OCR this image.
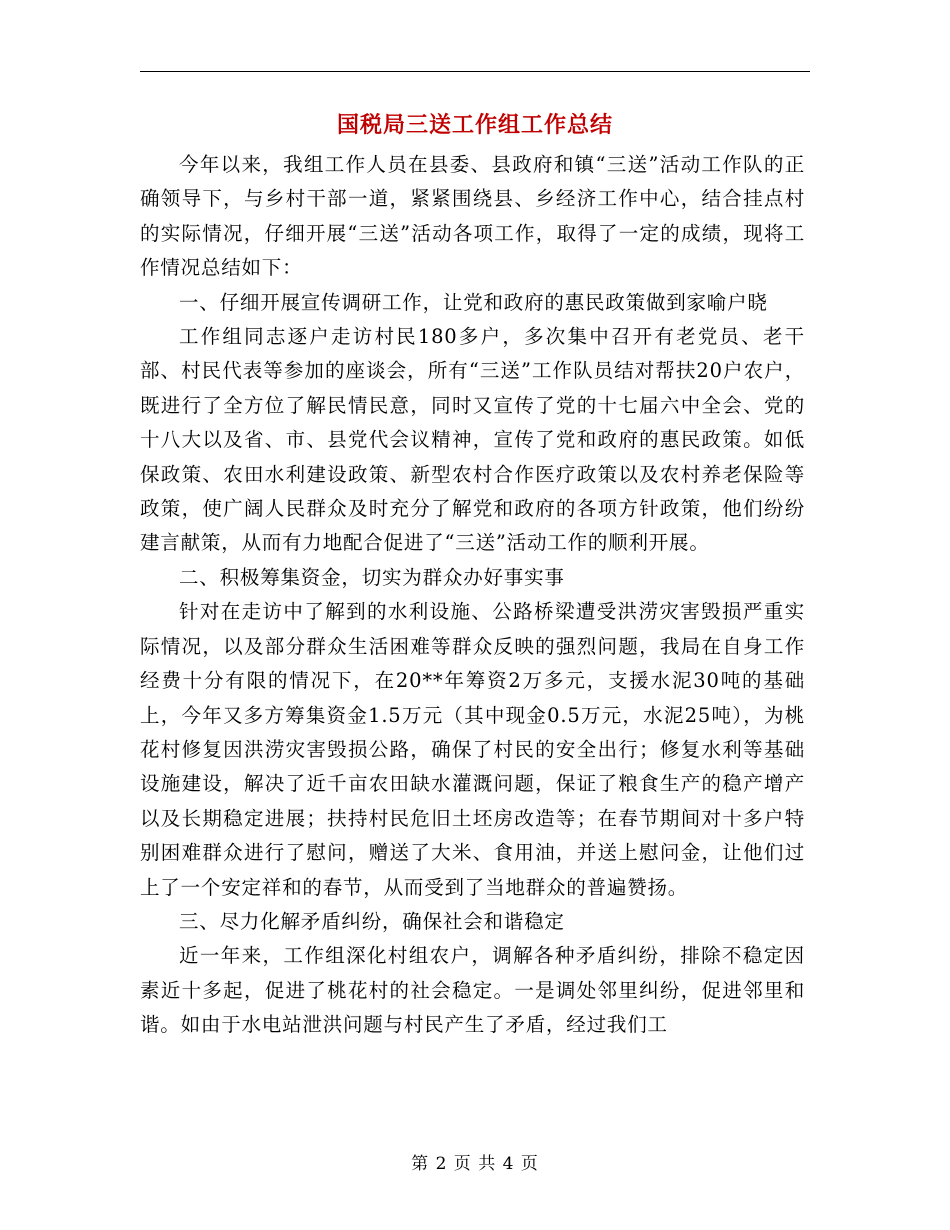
国税局三送工作组工作总结

今年以来，我组工作人员在县委、县政府和镇“三送”活动工作队的正确领导下，与乡村干部一道，紧紧围绕县、乡经济工作中心，结合挂点村的实际情况，仔细开展“三送”活动各项工作，取得了一定的成绩，现将工作情况总结如下：

一、仔细开展宣传调研工作，让党和政府的惠民政策做到家喻户晓

工作组同志逐户走访村民180多户，多次集中召开有老党员、老干部、村民代表等参加的座谈会，所有“三送”工作队员结对帮扶20户农户，既进行了全方位了解民情民意，同时又宣传了党的十七届六中全会、党的十八大以及省、市、县党代会议精神，宣传了党和政府的惠民政策。如低保政策、农田水利建设政策、新型农村合作医疗政策以及农村养老保险等政策，使广阔人民群众及时充分了解党和政府的各项方针政策，他们纷纷建言献策，从而有力地配合促进了“三送”活动工作的顺利开展。

二、积极筹集资金，切实为群众办好事实事

针对在走访中了解到的水利设施、公路桥梁遭受洪涝灾害毁损严重实际情况，以及部分群众生活困难等群众反映的强烈问题，我局在自身工作经费十分有限的情况下，在20**年筹资2万多元，支援水泥30吨的基础上，今年又多方筹集资金1.5万元（其中现金0.5万元，水泥25吨），为桃花村修复因洪涝灾害毁损公路，确保了村民的安全出行；修复水利等基础设施建设，解决了近千亩农田缺水灌溉问题，保证了粮食生产的稳产增产以及长期稳定进展；扶持村民危旧土坯房改造等；在春节期间对十多户特别困难群众进行了慰问，赠送了大米、食用油，并送上慰问金，让他们过上了一个安定祥和的春节，从而受到了当地群众的普遍赞扬。

三、尽力化解矛盾纠纷，确保社会和谐稳定

近一年来，工作组深化村组农户，调解各种矛盾纠纷，排除不稳定因素近十多起，促进了桃花村的社会稳定。一是调处邻里纠纷，促进邻里和谐。如由于水电站泄洪问题与村民产生了矛盾，经过我们工

第 2 页 共 4 页
